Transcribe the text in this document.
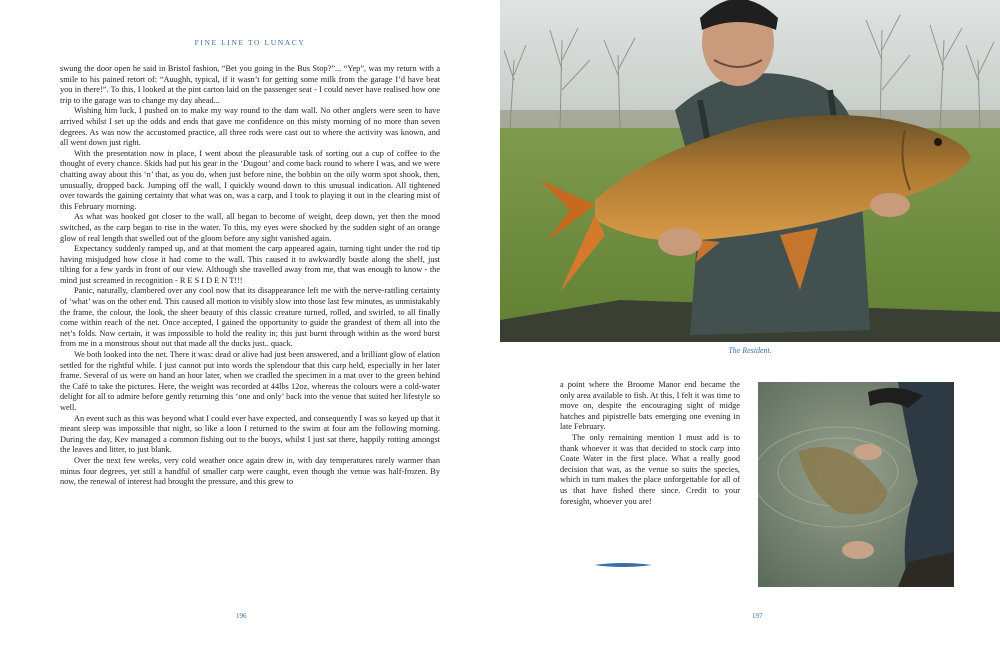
FINE LINE TO LUNACY

swung the door open he said in Bristol fashion, “Bet you going in the Bus Stop?”... “Yep”, was my return with a smile to his pained retort of: “Auughh, typical, if it wasn’t for getting some milk from the garage I’d have beat you in there!”. To this, I looked at the pint carton laid on the passenger seat - I could never have realised how one trip to the garage was to change my day ahead...

Wishing him luck, I pushed on to make my way round to the dam wall. No other anglers were seen to have arrived whilst I set up the odds and ends that gave me confidence on this misty morning of no more than seven degrees. As was now the accustomed practice, all three rods were cast out to where the activity was known, and all went down just right.

With the presentation now in place, I went about the pleasurable task of sorting out a cup of coffee to the thought of every chance. Skids had put his gear in the ‘Dugout’ and come back round to where I was, and we were chatting away about this ‘n’ that, as you do, when just before nine, the bobbin on the oily worm spot shook, then, unusually, dropped back. Jumping off the wall, I quickly wound down to this unusual indication. All tightened over towards the gaining certainty that what was on, was a carp, and I took to playing it out in the clearing mist of this February morning.

As what was hooked got closer to the wall, all began to become of weight, deep down, yet then the mood switched, as the carp began to rise in the water. To this, my eyes were shocked by the sudden sight of an orange glow of real length that swelled out of the gloom before any sight vanished again.

Expectancy suddenly ramped up, and at that moment the carp appeared again, turning tight under the rod tip having misjudged how close it had come to the wall. This caused it to awkwardly bustle along the shelf, just tilting for a few yards in front of our view. Although she travelled away from me, that was enough to know - the mind just screamed in recognition - R E S I D E N T!!!

Panic, naturally, clambered over any cool now that its disappearance left me with the nerve-rattling certainty of ‘what’ was on the other end. This caused all motion to visibly slow into those last few minutes, as unmistakably the frame, the colour, the look, the sheer beauty of this classic creature turned, rolled, and swirled, to all finally come within reach of the net. Once accepted, I gained the opportunity to guide the grandest of them all into the net’s folds. Now certain, it was impossible to hold the reality in; this just burnt through within as the word burst from me in a monstrous shout out that made all the ducks just.. quack.

We both looked into the net. There it was: dead or alive had just been answered, and a brilliant glow of elation settled for the rightful while. I just cannot put into words the splendour that this carp held, especially in her later frame. Several of us were on hand an hour later, when we cradled the specimen in a mat over to the green behind the Café to take the pictures. Here, the weight was recorded at 44lbs 12oz, whereas the colours were a cold-water delight for all to admire before gently returning this ‘one and only’ back into the venue that suited her lifestyle so well.

An event such as this was beyond what I could ever have expected, and consequently I was so keyed up that it meant sleep was impossible that night, so like a loon I returned to the swim at four am the following morning. During the day, Kev managed a common fishing out to the buoys, whilst I just sat there, happily rotting amongst the leaves and litter, to just blank.

Over the next few weeks, very cold weather once again drew in, with day temperatures rarely warmer than minus four degrees, yet still a handful of smaller carp were caught, even though the venue was half-frozen. By now, the renewal of interest had brought the pressure, and this grew to

196
The Resident.

a point where the Broome Manor end became the only area available to fish. At this, I felt it was time to move on, despite the encouraging sight of midge hatches and pipistrelle bats emerging one evening in late February.

The only remaining mention I must add is to thank whoever it was that decided to stock carp into Coate Water in the first place. What a really good decision that was, as the venue so suits the species, which in turn makes the place unforgettable for all of us that have fished there since. Credit to your foresight, whoever you are!

197
